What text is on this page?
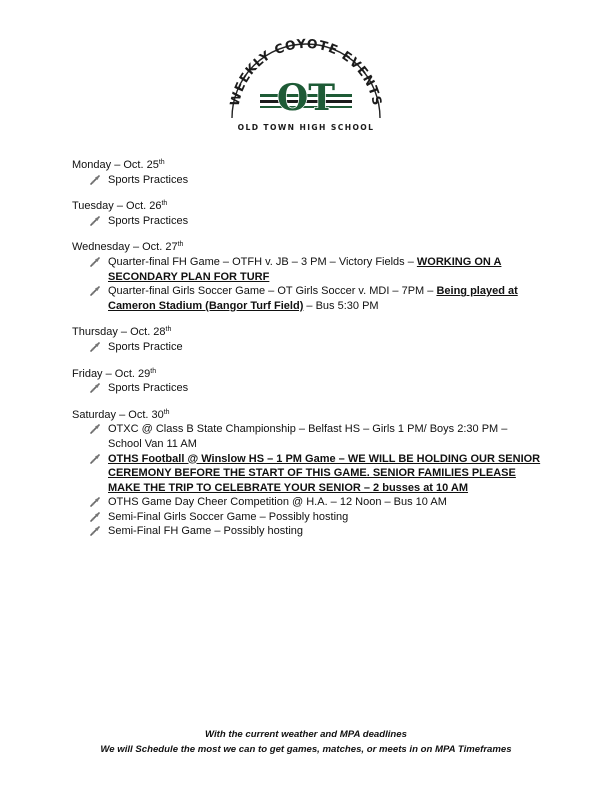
WEEKLY COYOTE EVENTS
OT
OLD TOWN HIGH SCHOOL
Monday – Oct. 25th
Sports Practices
Tuesday – Oct. 26th
Sports Practices
Wednesday – Oct. 27th
Quarter-final FH Game – OTFH v. JB – 3 PM – Victory Fields – WORKING ON A SECONDARY PLAN FOR TURF
Quarter-final Girls Soccer Game – OT Girls Soccer v. MDI – 7PM – Being played at Cameron Stadium (Bangor Turf Field) – Bus 5:30 PM
Thursday – Oct. 28th
Sports Practice
Friday – Oct. 29th
Sports Practices
Saturday – Oct. 30th
OTXC @ Class B State Championship – Belfast HS – Girls 1 PM/ Boys 2:30 PM – School Van 11 AM
OTHS Football @ Winslow HS – 1 PM Game – WE WILL BE HOLDING OUR SENIOR CEREMONY BEFORE THE START OF THIS GAME. SENIOR FAMILIES PLEASE MAKE THE TRIP TO CELEBRATE YOUR SENIOR – 2 busses at 10 AM
OTHS Game Day Cheer Competition @ H.A. – 12 Noon – Bus 10 AM
Semi-Final Girls Soccer Game – Possibly hosting
Semi-Final FH Game – Possibly hosting
With the current weather and MPA deadlines
We will Schedule the most we can to get games, matches, or meets in on MPA Timeframes
